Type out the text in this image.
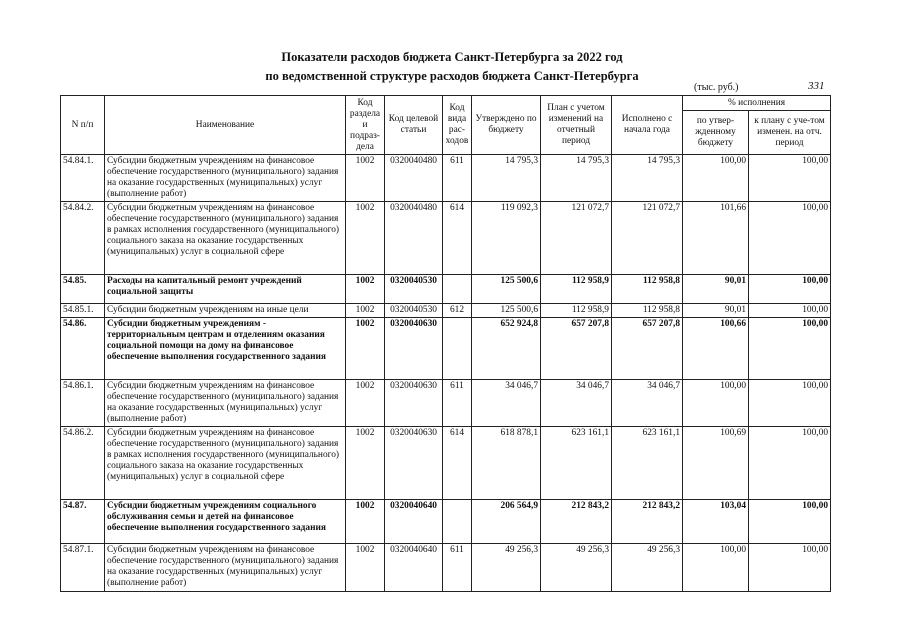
Показатели расходов бюджета Санкт-Петербурга за 2022 год
по ведомственной структуре расходов бюджета Санкт-Петербурга
(тыс. руб.)	331
N п/п	Наименование	Код раздела и подраз-дела	Код целевой статьи	Код вида рас-ходов	Утверждено по бюджету	План с учетом изменений на отчетный период	Исполнено с начала года	% исполнения	
								по утвер-жденному бюджету	к плану с уче-том изменен. на отч. период
54.84.1.	Субсидии бюджетным учреждениям на финансовое обеспечение государственного (муниципального) задания на оказание государственных (муниципальных) услуг (выполнение работ)	1002	0320040480	611	14 795,3	14 795,3	14 795,3	100,00	100,00
54.84.2.	Субсидии бюджетным учреждениям на финансовое обеспечение государственного (муниципального) задания в рамках исполнения государственного (муниципального) социального заказа на оказание государственных (муниципальных) услуг в социальной сфере	1002	0320040480	614	119 092,3	121 072,7	121 072,7	101,66	100,00
54.85.	Расходы на капитальный ремонт учреждений социальной защиты	1002	0320040530		125 500,6	112 958,9	112 958,8	90,01	100,00
54.85.1.	Субсидии бюджетным учреждениям на иные цели	1002	0320040530	612	125 500,6	112 958,9	112 958,8	90,01	100,00
54.86.	Субсидии бюджетным учреждениям - территориальным центрам и отделениям оказания социальной помощи на дому на финансовое обеспечение выполнения государственного задания	1002	0320040630		652 924,8	657 207,8	657 207,8	100,66	100,00
54.86.1.	Субсидии бюджетным учреждениям на финансовое обеспечение государственного (муниципального) задания на оказание государственных (муниципальных) услуг (выполнение работ)	1002	0320040630	611	34 046,7	34 046,7	34 046,7	100,00	100,00
54.86.2.	Субсидии бюджетным учреждениям на финансовое обеспечение государственного (муниципального) задания в рамках исполнения государственного (муниципального) социального заказа на оказание государственных (муниципальных) услуг в социальной сфере	1002	0320040630	614	618 878,1	623 161,1	623 161,1	100,69	100,00
54.87.	Субсидии бюджетным учреждениям социального обслуживания семьи и детей на финансовое обеспечение выполнения государственного задания	1002	0320040640		206 564,9	212 843,2	212 843,2	103,04	100,00
54.87.1.	Субсидии бюджетным учреждениям на финансовое обеспечение государственного (муниципального) задания на оказание государственных (муниципальных) услуг (выполнение работ)	1002	0320040640	611	49 256,3	49 256,3	49 256,3	100,00	100,00
